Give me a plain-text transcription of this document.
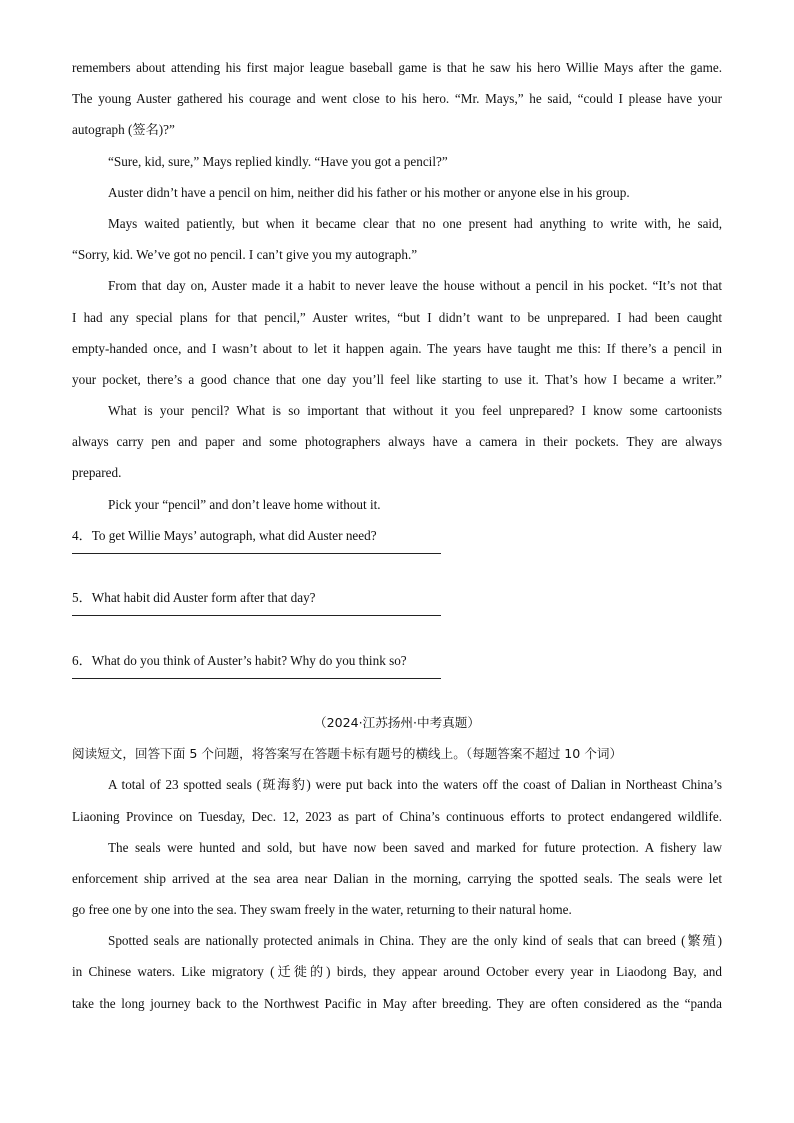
remembers about attending his first major league baseball game is that he saw his hero Willie Mays after the game.
The young Auster gathered his courage and went close to his hero. “Mr. Mays,” he said, “could I please have your
autograph (签名)?”
“Sure, kid, sure,” Mays replied kindly. “Have you got a pencil?”
Auster didn’t have a pencil on him, neither did his father or his mother or anyone else in his group.
Mays waited patiently, but when it became clear that no one present had anything to write with, he said,
“Sorry, kid. We’ve got no pencil. I can’t give you my autograph.”
From that day on, Auster made it a habit to never leave the house without a pencil in his pocket. “It’s not that
I had any special plans for that pencil,” Auster writes, “but I didn’t want to be unprepared. I had been caught
empty-handed once, and I wasn’t about to let it happen again. The years have taught me this: If there’s a pencil in
your pocket, there’s a good chance that one day you’ll feel like starting to use it. That’s how I became a writer.”
What is your pencil? What is so important that without it you feel unprepared? I know some cartoonists
always carry pen and paper and some photographers always have a camera in their pockets. They are always
prepared.
Pick your “pencil” and don’t leave home without it.
4．To get Willie Mays’ autograph, what did Auster need?
5．What habit did Auster form after that day?
6．What do you think of Auster’s habit? Why do you think so?
（2024·江苏扬州·中考真题）
阅读短文，回答下面 5 个问题，将答案写在答题卡标有题号的横线上。（每题答案不超过 10 个词）
A total of 23 spotted seals (斑海豹) were put back into the waters off the coast of Dalian in Northeast China’s
Liaoning Province on Tuesday, Dec. 12, 2023 as part of China’s continuous efforts to protect endangered wildlife.
The seals were hunted and sold, but have now been saved and marked for future protection. A fishery law
enforcement ship arrived at the sea area near Dalian in the morning, carrying the spotted seals. The seals were let
go free one by one into the sea. They swam freely in the water, returning to their natural home.
Spotted seals are nationally protected animals in China. They are the only kind of seals that can breed (繁殖)
in Chinese waters. Like migratory (迁徙的) birds, they appear around October every year in Liaodong Bay, and
take the long journey back to the Northwest Pacific in May after breeding. They are often considered as the “panda
